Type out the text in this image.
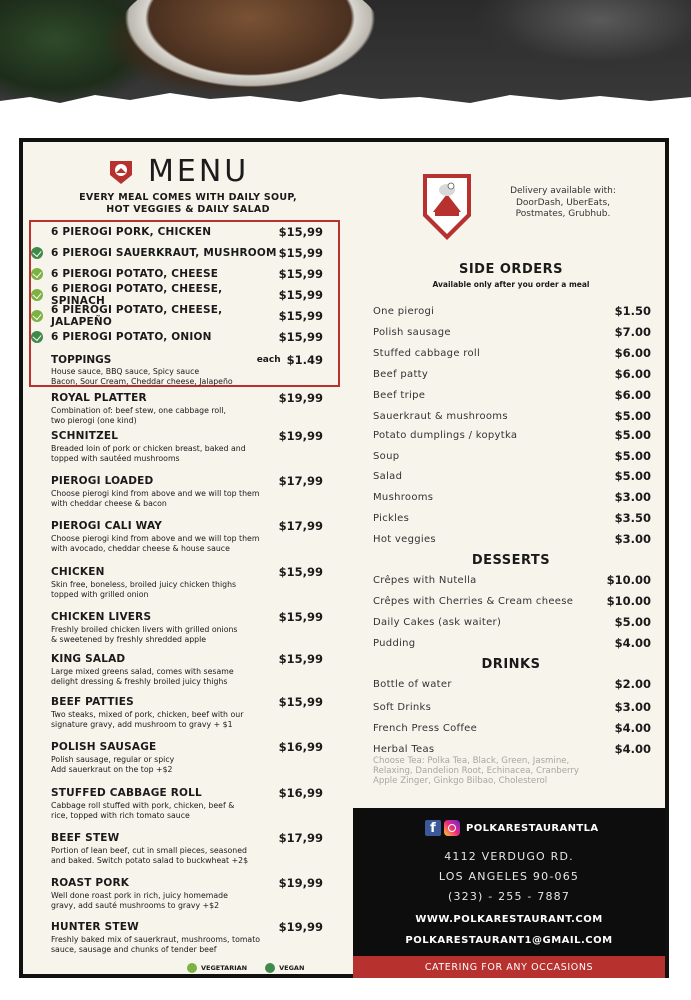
MENU
EVERY MEAL COMES WITH DAILY SOUP,
HOT VEGGIES & DAILY SALAD
6 PIEROGI PORK, CHICKEN	$15,99
6 PIEROGI SAUERKRAUT, MUSHROOM $15,99
6 PIEROGI POTATO, CHEESE	$15,99
6 PIEROGI POTATO, CHEESE, SPINACH	$15,99
6 PIEROGI POTATO, CHEESE, JALAPEÑO	$15,99
6 PIEROGI POTATO, ONION	$15,99
TOPPINGS	each $1.49
House sauce, BBQ sauce, Spicy sauce
Bacon, Sour Cream, Cheddar cheese, Jalapeño
ROYAL PLATTER	$19,99
Combination of: beef stew, one cabbage roll,
two pierogi (one kind)
SCHNITZEL	$19,99
Breaded loin of pork or chicken breast, baked and
topped with sautéed mushrooms
PIEROGI LOADED	$17,99
Choose pierogi kind from above and we will top them
with cheddar cheese & bacon
PIEROGI CALI WAY	$17,99
Choose pierogi kind from above and we will top them
with avocado, cheddar cheese & house sauce
CHICKEN	$15,99
Skin free, boneless, broiled juicy chicken thighs
topped with grilled onion
CHICKEN LIVERS	$15,99
Freshly broiled chicken livers with grilled onions
& sweetened by freshly shredded apple
KING SALAD	$15,99
Large mixed greens salad, comes with sesame
delight dressing & freshly broiled juicy thighs
BEEF PATTIES	$15,99
Two steaks, mixed of pork, chicken, beef with our
signature gravy, add mushroom to gravy + $1
POLISH SAUSAGE	$16,99
Polish sausage, regular or spicy
Add sauerkraut on the top +$2
STUFFED CABBAGE ROLL	$16,99
Cabbage roll stuffed with pork, chicken, beef &
rice, topped with rich tomato sauce
BEEF STEW	$17,99
Portion of lean beef, cut in small pieces, seasoned
and baked. Switch potato salad to buckwheat +2$
ROAST PORK	$19,99
Well done roast pork in rich, juicy homemade
gravy, add sauté mushrooms to gravy +$2
HUNTER STEW	$19,99
Freshly baked mix of sauerkraut, mushrooms, tomato
sauce, sausage and chunks of tender beef
VEGETARIAN	VEGAN
Delivery available with:
DoorDash, UberEats,
Postmates, Grubhub.
SIDE ORDERS
Available only after you order a meal
One pierogi	$1.50
Polish sausage	$7.00
Stuffed cabbage roll	$6.00
Beef patty	$6.00
Beef tripe	$6.00
Sauerkraut & mushrooms	$5.00
Potato dumplings / kopytka	$5.00
Soup	$5.00
Salad	$5.00
Mushrooms	$3.00
Pickles	$3.50
Hot veggies	$3.00
DESSERTS
Crêpes with Nutella	$10.00
Crêpes with Cherries & Cream cheese	$10.00
Daily Cakes (ask waiter)	$5.00
Pudding	$4.00
DRINKS
Bottle of water	$2.00
Soft Drinks	$3.00
French Press Coffee	$4.00
Herbal Teas	$4.00
Choose Tea: Polka Tea, Black, Green, Jasmine,
Relaxing, Dandelion Root, Echinacea, Cranberry
Apple Zinger, Ginkgo Bilbao, Cholesterol
f	POLKARESTAURANTLA
4112 VERDUGO RD.
LOS ANGELES 90-065
(323) - 255 - 7887
WWW.POLKARESTAURANT.COM
POLKARESTAURANT1@GMAIL.COM
CATERING FOR ANY OCCASIONS
